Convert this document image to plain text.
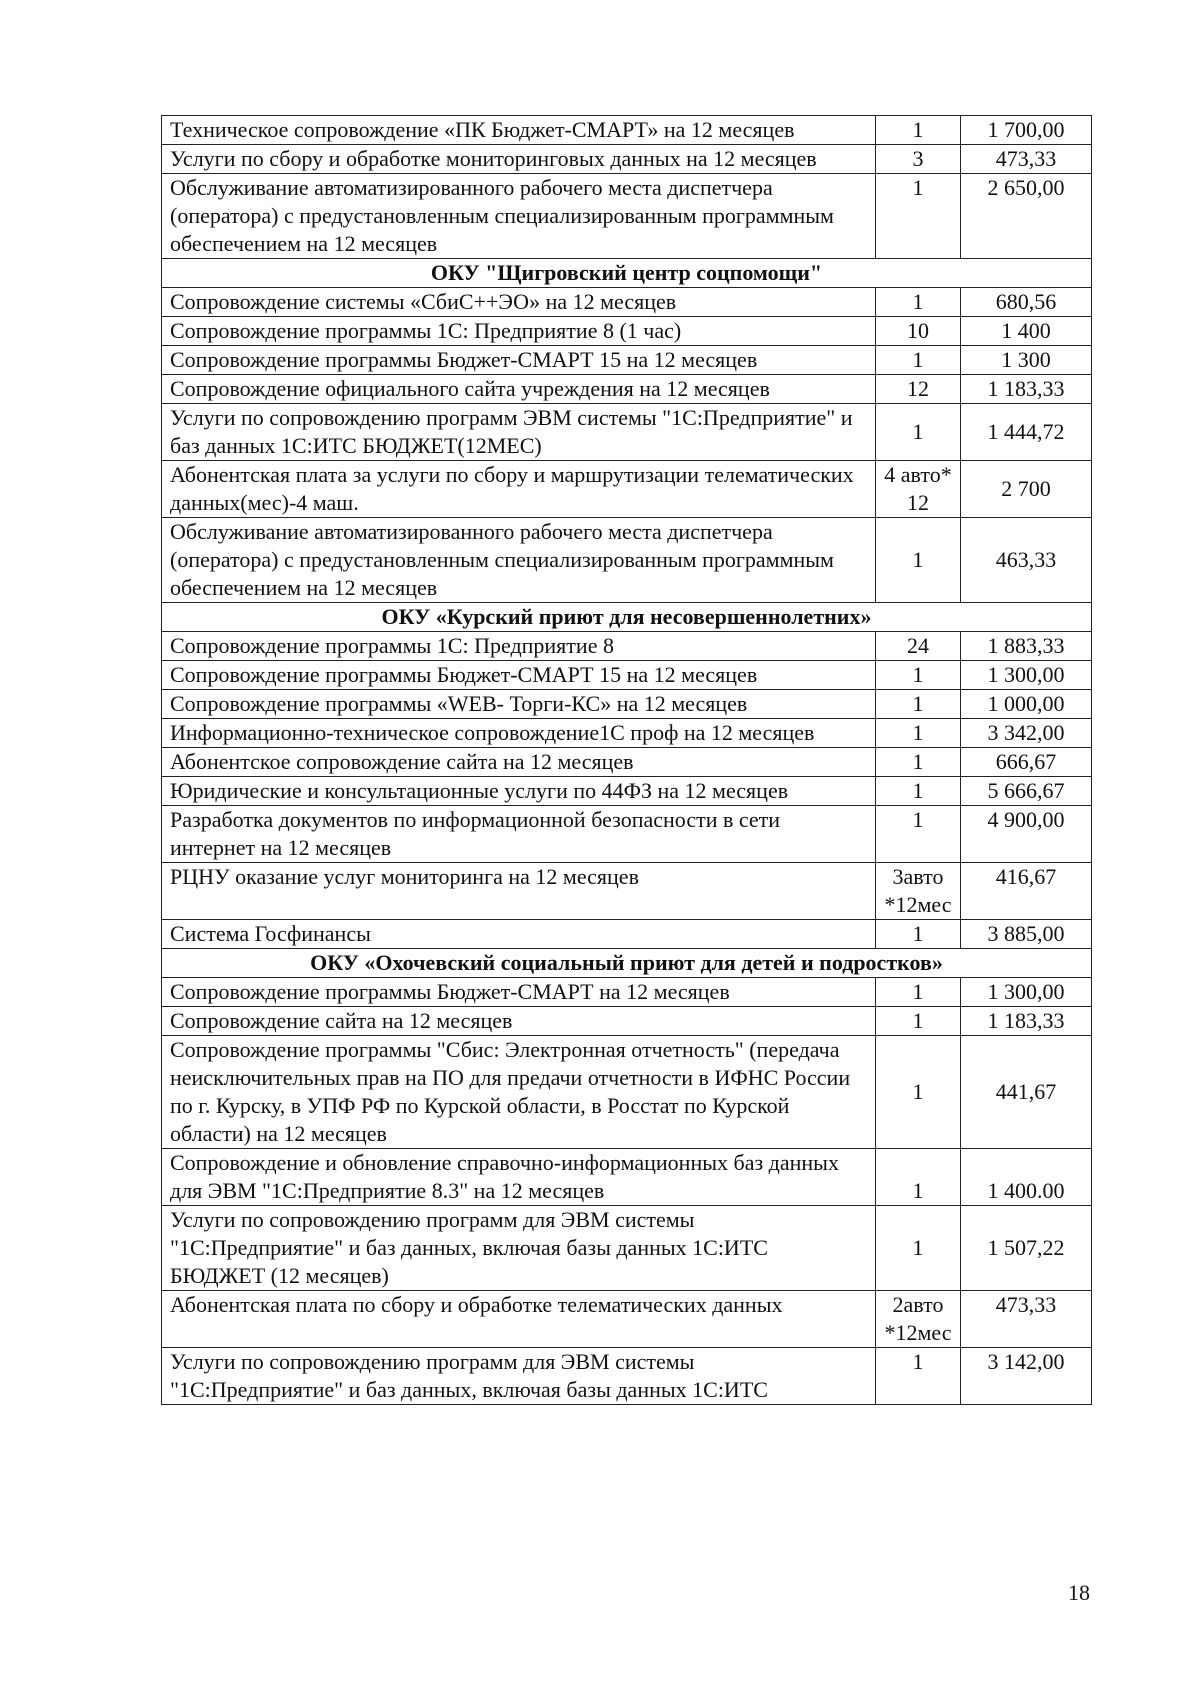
Техническое сопровождение «ПК Бюджет-СМАРТ» на 12 месяцев	1	1 700,00
Услуги по сбору и обработке мониторинговых данных на 12 месяцев	3	473,33
Обслуживание автоматизированного рабочего места диспетчера (оператора) с предустановленным специализированным программным обеспечением на 12 месяцев	1	2 650,00
ОКУ "Щигровский центр соцпомощи"		
Сопровождение системы «СбиС++ЭО» на 12 месяцев	1	680,56
Сопровождение программы 1С: Предприятие 8 (1 час)	10	1 400
Сопровождение программы Бюджет-СМАРТ 15 на 12 месяцев	1	1 300
Сопровождение официального сайта учреждения на 12 месяцев	12	1 183,33
Услуги по сопровождению программ ЭВМ системы "1С:Предприятие" и баз данных 1С:ИТС БЮДЖЕТ(12МЕС)	1	1 444,72
Абонентская плата за услуги по сбору и маршрутизации телематических данных(мес)-4 маш.	4 авто* 12	2 700
Обслуживание автоматизированного рабочего места диспетчера (оператора) с предустановленным специализированным программным обеспечением на 12 месяцев	1	463,33
ОКУ «Курский приют для несовершеннолетних»		
Сопровождение программы 1С: Предприятие 8	24	1 883,33
Сопровождение программы Бюджет-СМАРТ 15 на 12 месяцев	1	1 300,00
Сопровождение программы «WEB- Торги-КС» на 12 месяцев	1	1 000,00
Информационно-техническое сопровождение1С проф на 12 месяцев	1	3 342,00
Абонентское сопровождение сайта на 12 месяцев	1	666,67
Юридические и консультационные услуги по 44ФЗ на 12 месяцев	1	5 666,67
Разработка документов по информационной безопасности в сети интернет на 12 месяцев	1	4 900,00
РЦНУ оказание услуг мониторинга на 12 месяцев	3авто *12мес	416,67
Система Госфинансы	1	3 885,00
ОКУ «Охочевский социальный приют для детей и подростков»		
Сопровождение программы Бюджет-СМАРТ на 12 месяцев	1	1 300,00
Сопровождение сайта на 12 месяцев	1	1 183,33
Сопровождение программы "Сбис: Электронная отчетность" (передача неисключительных прав на ПО для предачи отчетности в ИФНС России по г. Курску, в УПФ РФ по Курской области, в Росстат по Курской области) на 12 месяцев	1	441,67
Сопровождение и обновление справочно-информационных баз данных для ЭВМ "1С:Предприятие 8.3" на 12 месяцев	1	1 400.00
Услуги по сопровождению программ для ЭВМ системы "1С:Предприятие" и баз данных, включая базы данных 1С:ИТС БЮДЖЕТ (12 месяцев)	1	1 507,22
Абонентская плата по сбору и обработке телематических данных	2авто *12мес	473,33
Услуги по сопровождению программ для ЭВМ системы "1С:Предприятие" и баз данных, включая базы данных 1С:ИТС	1	3 142,00
18
